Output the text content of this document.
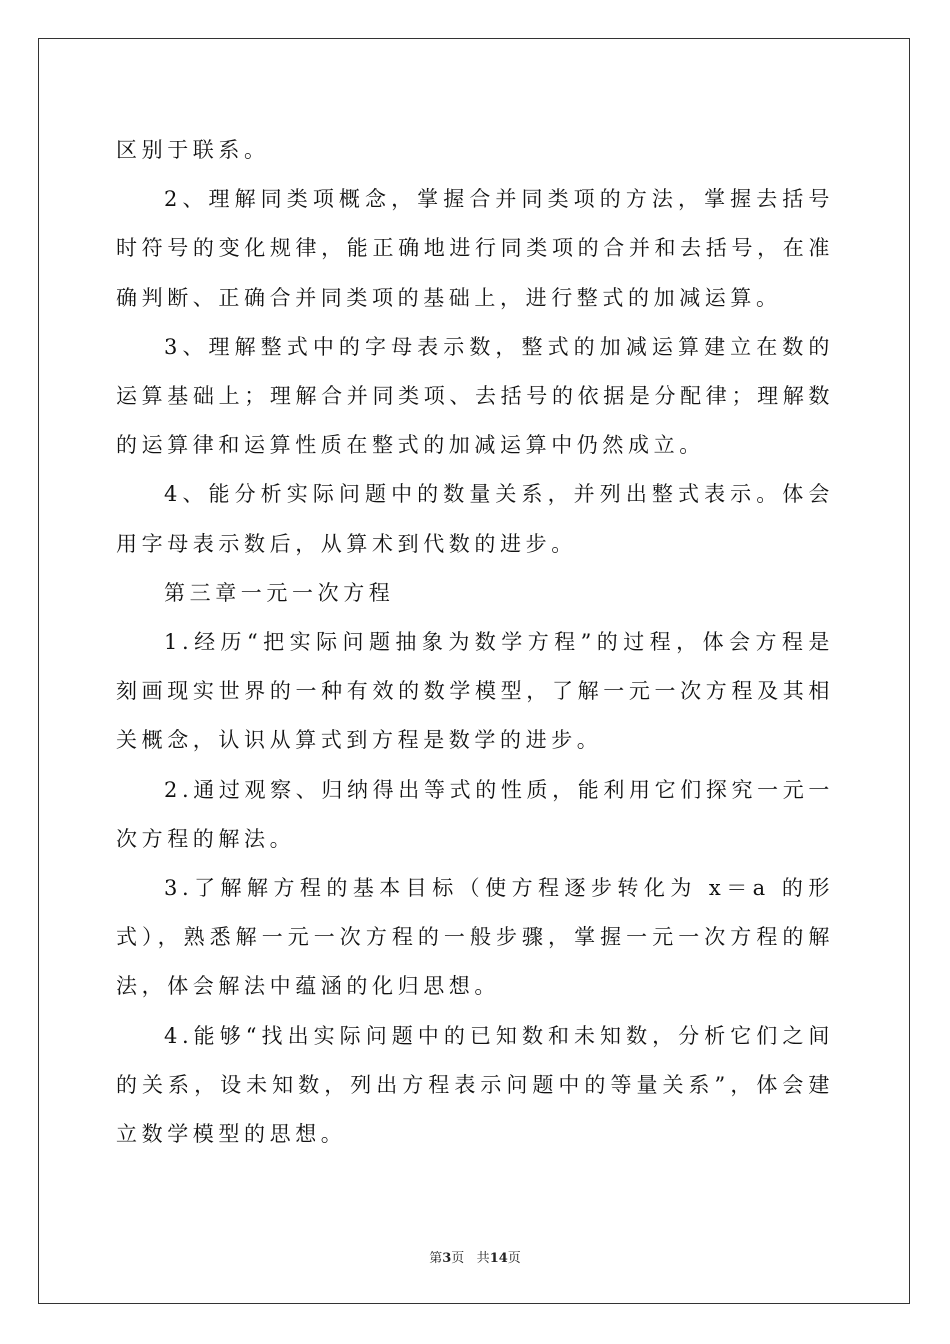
区别于联系。

2、理解同类项概念，掌握合并同类项的方法，掌握去括号时符号的变化规律，能正确地进行同类项的合并和去括号，在准确判断、正确合并同类项的基础上，进行整式的加减运算。

3、理解整式中的字母表示数，整式的加减运算建立在数的运算基础上；理解合并同类项、去括号的依据是分配律；理解数的运算律和运算性质在整式的加减运算中仍然成立。

4、能分析实际问题中的数量关系，并列出整式表示。体会用字母表示数后，从算术到代数的进步。

第三章一元一次方程

1.经历“把实际问题抽象为数学方程”的过程，体会方程是刻画现实世界的一种有效的数学模型，了解一元一次方程及其相关概念，认识从算式到方程是数学的进步。

2.通过观察、归纳得出等式的性质，能利用它们探究一元一次方程的解法。

3.了解解方程的基本目标（使方程逐步转化为 x＝a 的形式），熟悉解一元一次方程的一般步骤，掌握一元一次方程的解法，体会解法中蕴涵的化归思想。

4.能够“找出实际问题中的已知数和未知数，分析它们之间的关系，设未知数，列出方程表示问题中的等量关系”，体会建立数学模型的思想。

第3页 共14页
